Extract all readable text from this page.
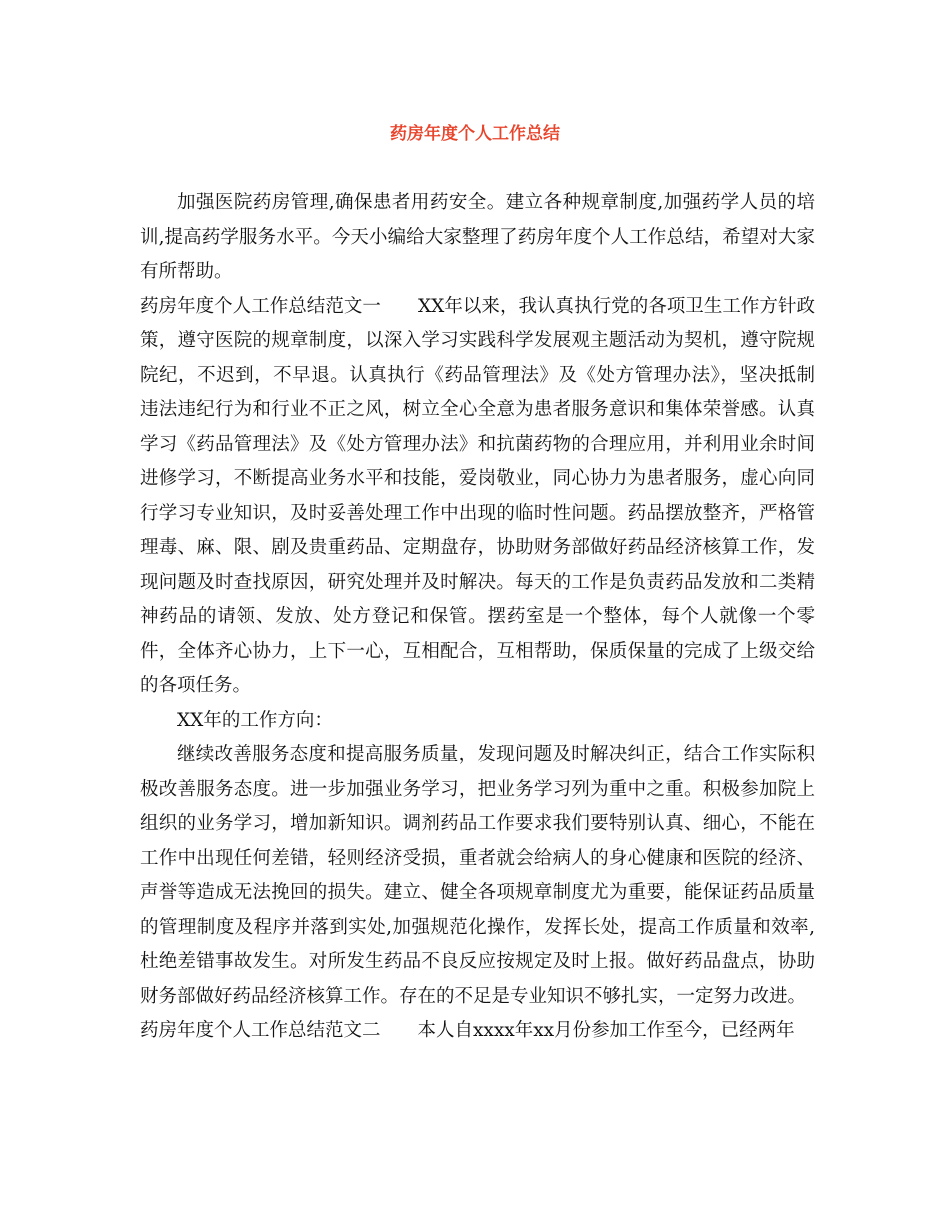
药房年度个人工作总结

加强医院药房管理,确保患者用药安全。建立各种规章制度,加强药学人员的培训,提高药学服务水平。今天小编给大家整理了药房年度个人工作总结，希望对大家有所帮助。

药房年度个人工作总结范文一　　XX年以来，我认真执行党的各项卫生工作方针政策，遵守医院的规章制度，以深入学习实践科学发展观主题活动为契机，遵守院规院纪，不迟到，不早退。认真执行《药品管理法》及《处方管理办法》，坚决抵制违法违纪行为和行业不正之风，树立全心全意为患者服务意识和集体荣誉感。认真学习《药品管理法》及《处方管理办法》和抗菌药物的合理应用，并利用业余时间进修学习，不断提高业务水平和技能，爱岗敬业，同心协力为患者服务，虚心向同行学习专业知识，及时妥善处理工作中出现的临时性问题。药品摆放整齐，严格管理毒、麻、限、剧及贵重药品、定期盘存，协助财务部做好药品经济核算工作，发现问题及时查找原因，研究处理并及时解决。每天的工作是负责药品发放和二类精神药品的请领、发放、处方登记和保管。摆药室是一个整体，每个人就像一个零件，全体齐心协力，上下一心，互相配合，互相帮助，保质保量的完成了上级交给的各项任务。

XX年的工作方向：

继续改善服务态度和提高服务质量，发现问题及时解决纠正，结合工作实际积极改善服务态度。进一步加强业务学习，把业务学习列为重中之重。积极参加院上组织的业务学习，增加新知识。调剂药品工作要求我们要特别认真、细心，不能在工作中出现任何差错，轻则经济受损，重者就会给病人的身心健康和医院的经济、声誉等造成无法挽回的损失。建立、健全各项规章制度尤为重要，能保证药品质量的管理制度及程序并落到实处,加强规范化操作，发挥长处，提高工作质量和效率,杜绝差错事故发生。对所发生药品不良反应按规定及时上报。做好药品盘点，协助财务部做好药品经济核算工作。存在的不足是专业知识不够扎实，一定努力改进。

药房年度个人工作总结范文二　　本人自xxxx年xx月份参加工作至今，已经两年
